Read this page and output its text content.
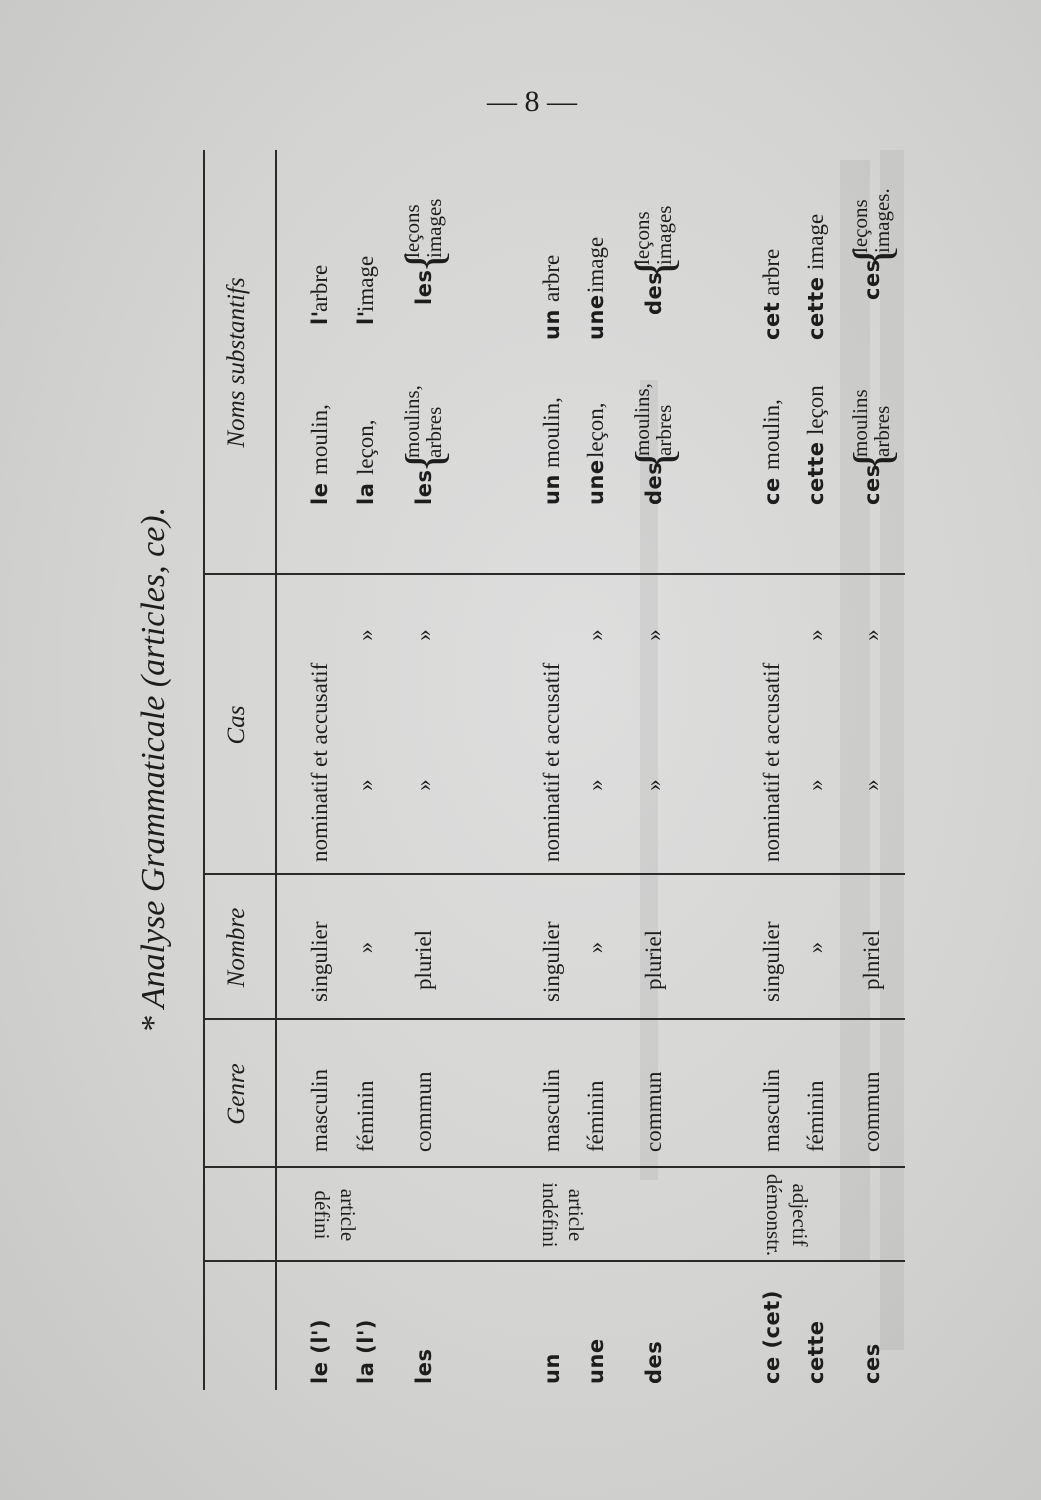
— 8 —
* Analyse Grammaticale (articles, ce).
Genre
Nombre
Cas
Noms substantifs
article
défini
le (l')
masculin
singulier
nominatif et accusatif
le
moulin,
l'
arbre
la (l')
féminin
»
»
»
la
leçon,
l'
image
les
commun
pluriel
»
»
les
{
moulins,
arbres
les
{
leçons
images
article
indéfini
un
masculin
singulier
nominatif et accusatif
un
moulin,
un
arbre
une
féminin
»
»
»
une
leçon,
une
image
des
commun
pluriel
»
»
des
{
moulins,
arbres
des
{
leçons
images
adjectif
démonstr.
ce (cet)
masculin
singulier
nominatif et accusatif
ce
moulin,
cet
arbre
cette
féminin
»
»
»
cette
leçon
cette
image
ces
commun
plnriel
»
»
ces
{
moulins
arbres
ces
{
leçons
images.
